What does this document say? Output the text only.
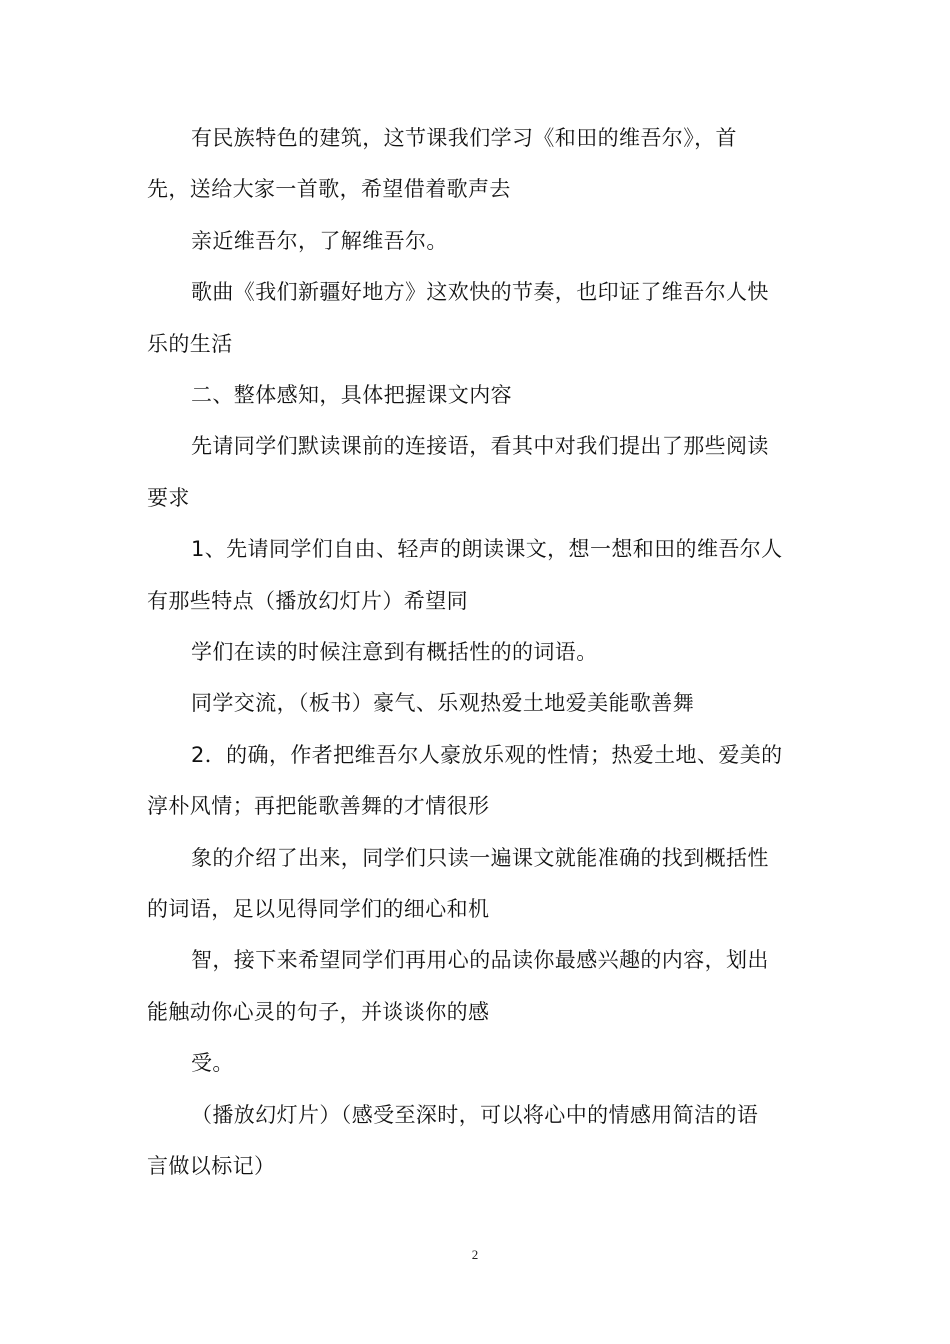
有民族特色的建筑，这节课我们学习《和田的维吾尔》，首
先，送给大家一首歌，希望借着歌声去
亲近维吾尔，了解维吾尔。
歌曲《我们新疆好地方》这欢快的节奏，也印证了维吾尔人快
乐的生活
二、整体感知，具体把握课文内容
先请同学们默读课前的连接语，看其中对我们提出了那些阅读
要求
1、先请同学们自由、轻声的朗读课文，想一想和田的维吾尔人
有那些特点（播放幻灯片）希望同
学们在读的时候注意到有概括性的的词语。
同学交流，（板书）豪气、乐观热爱土地爱美能歌善舞
2．的确，作者把维吾尔人豪放乐观的性情；热爱土地、爱美的
淳朴风情；再把能歌善舞的才情很形
象的介绍了出来，同学们只读一遍课文就能准确的找到概括性
的词语，足以见得同学们的细心和机
智，接下来希望同学们再用心的品读你最感兴趣的内容，划出
能触动你心灵的句子，并谈谈你的感
受。
（播放幻灯片）（感受至深时，可以将心中的情感用简洁的语
言做以标记）
2
